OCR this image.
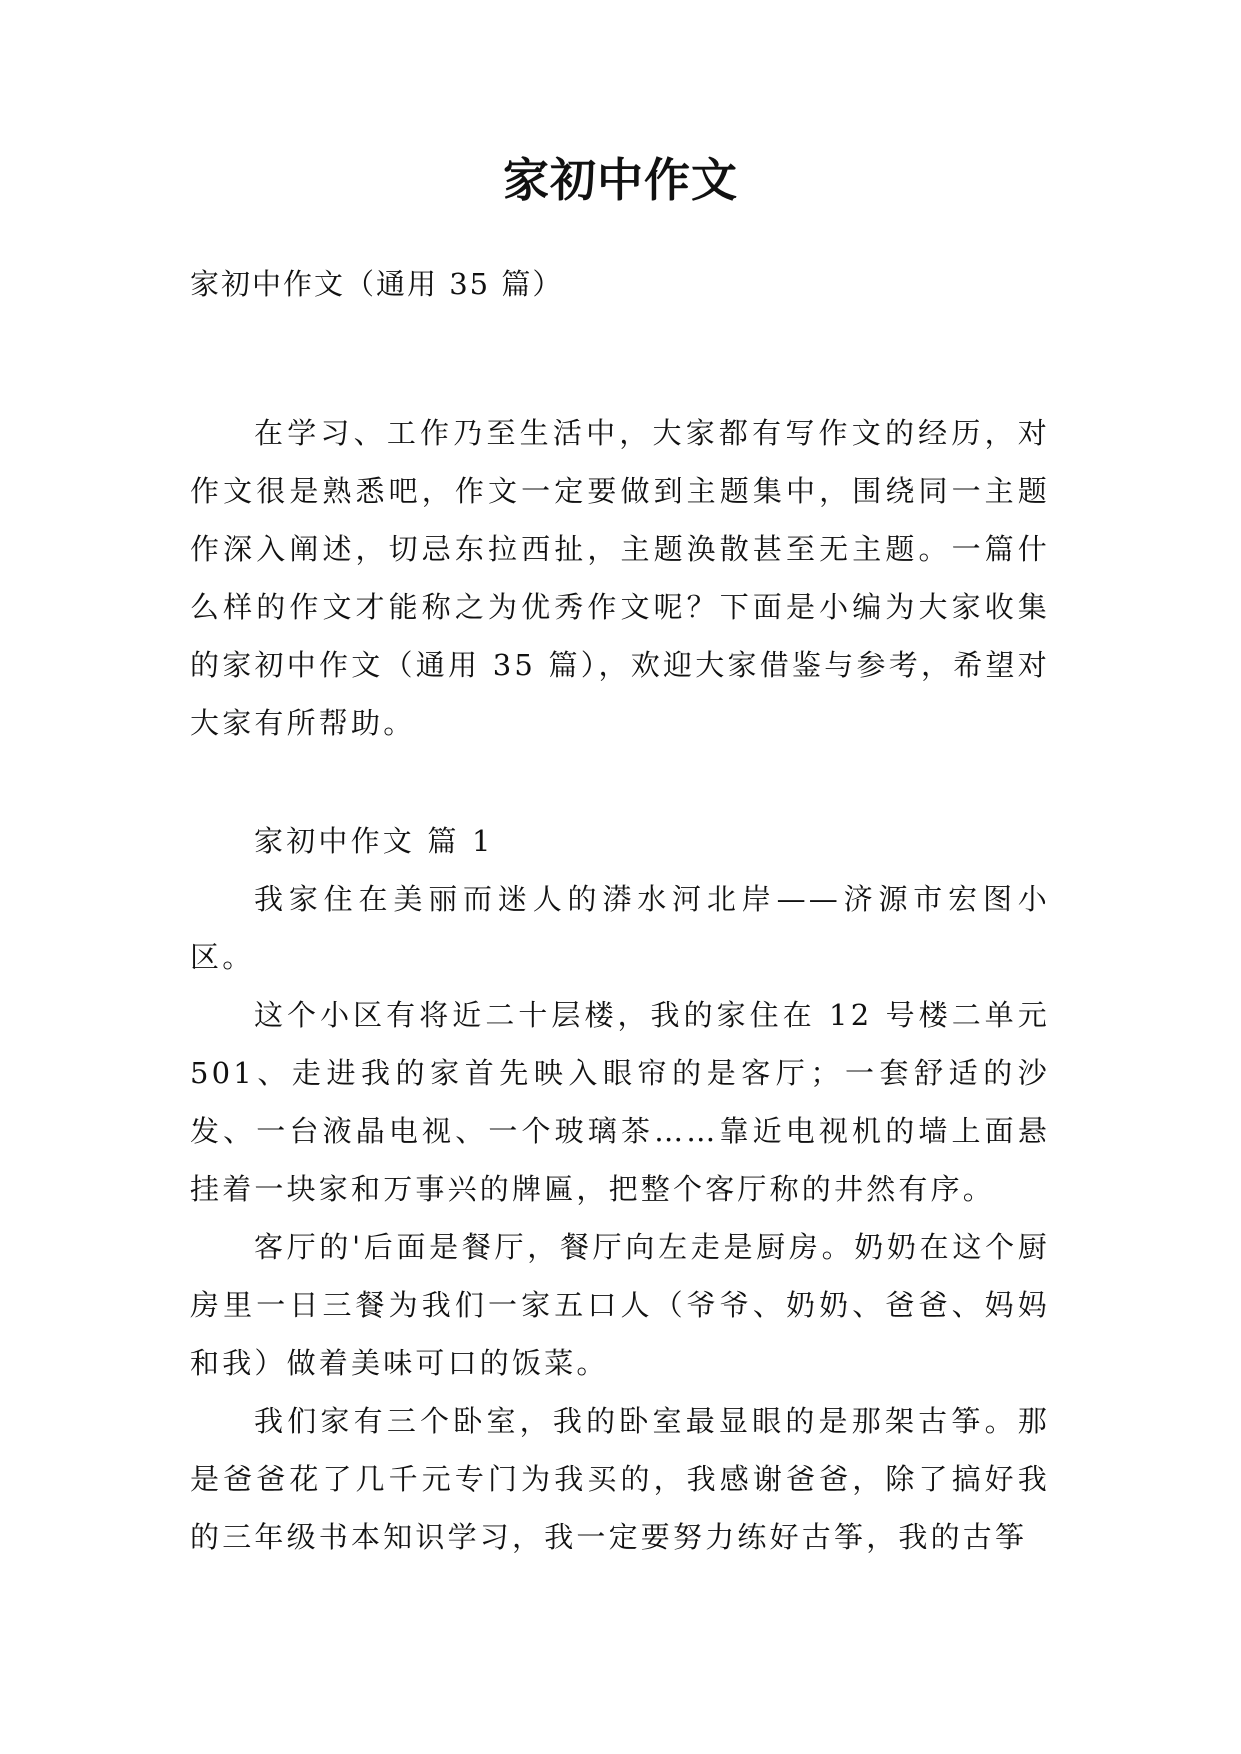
家初中作文
家初中作文（通用 35 篇）

在学习、工作乃至生活中，大家都有写作文的经历，对作文很是熟悉吧，作文一定要做到主题集中，围绕同一主题作深入阐述，切忌东拉西扯，主题涣散甚至无主题。一篇什么样的作文才能称之为优秀作文呢？下面是小编为大家收集的家初中作文（通用 35 篇），欢迎大家借鉴与参考，希望对大家有所帮助。

家初中作文 篇 1

我家住在美丽而迷人的漭水河北岸——济源市宏图小区。

这个小区有将近二十层楼，我的家住在 12 号楼二单元 501、走进我的家首先映入眼帘的是客厅；一套舒适的沙发、一台液晶电视、一个玻璃茶……靠近电视机的墙上面悬挂着一块家和万事兴的牌匾，把整个客厅称的井然有序。

客厅的'后面是餐厅，餐厅向左走是厨房。奶奶在这个厨房里一日三餐为我们一家五口人（爷爷、奶奶、爸爸、妈妈和我）做着美味可口的饭菜。

我们家有三个卧室，我的卧室最显眼的是那架古筝。那是爸爸花了几千元专门为我买的，我感谢爸爸，除了搞好我的三年级书本知识学习，我一定要努力练好古筝，我的古筝
